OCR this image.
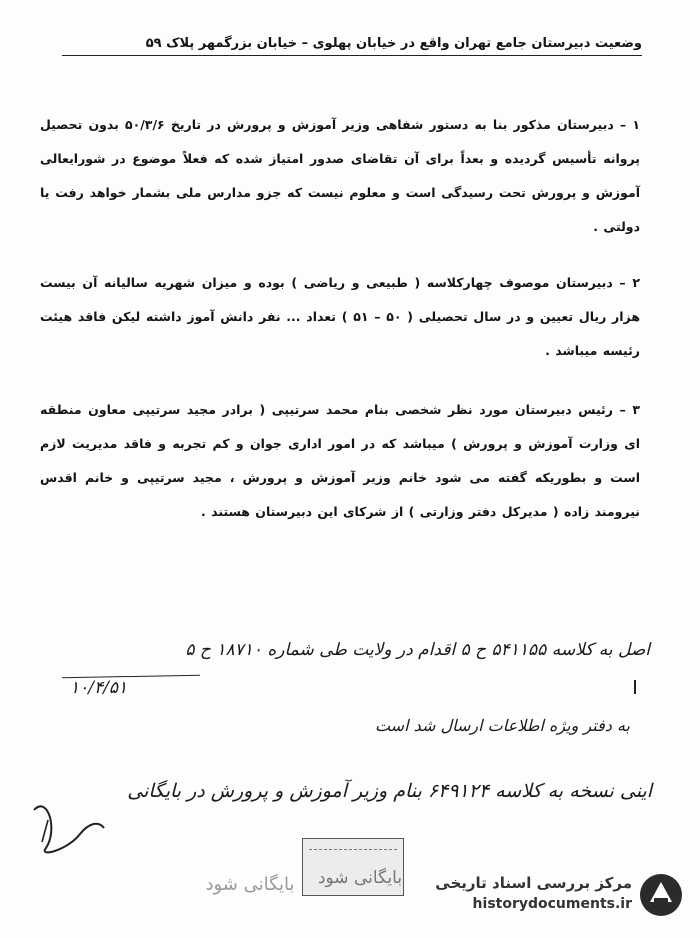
وضعیت دبیرستان جامع تهران واقع در خیابان پهلوی – خیابان بزرگمهر پلاک ۵۹
۱ – دبیرستان مذکور بنا به دستور شفاهی وزیر آموزش و پرورش در تاریخ ۵۰/۳/۶ بدون تحصیل پروانه تأسیس گردیده و بعداً برای آن تقاضای صدور امتیاز شده که فعلاً موضوع در شورایعالی آموزش و پرورش تحت رسیدگی است و معلوم نیست که جزو مدارس ملی بشمار خواهد رفت یا دولتی .
۲ – دبیرستان موصوف چهارکلاسه ( طبیعی و ریاضی ) بوده و میزان شهریه سالیانه آن بیست هزار ریال تعیین و در سال تحصیلی ( ۵۰ – ۵۱ ) تعداد ... نفر دانش آموز داشته لیکن فاقد هیئت رئیسه میباشد .
۳ – رئیس دبیرستان مورد نظر شخصی بنام محمد سرتیپی ( برادر مجید سرتیپی معاون منطقه ای وزارت آموزش و پرورش ) میباشد که در امور اداری جوان و کم تجربه و فاقد مدیریت لازم است و بطوریکه گفته می شود خانم وزیر آموزش و پرورش ، مجید سرتیپی و خانم اقدس نیرومند زاده ( مدیرکل دفتر وزارتی ) از شرکای این دبیرستان هستند .
اصل به کلاسه ۵۴۱۱۵۵ ح ۵ اقدام در ولایت طی شماره ۱۸۷۱۰ ح ۵
۱۰/۴/۵۱
به دفتر ویژه اطلاعات ارسال شد است
اینی نسخه به کلاسه ۶۴۹۱۲۴ بنام وزیر آموزش و پرورش در بایگانی
بایگانی شود
بایگانی شود	مرکز بررسی اسناد تاریخی
historydocuments.ir
